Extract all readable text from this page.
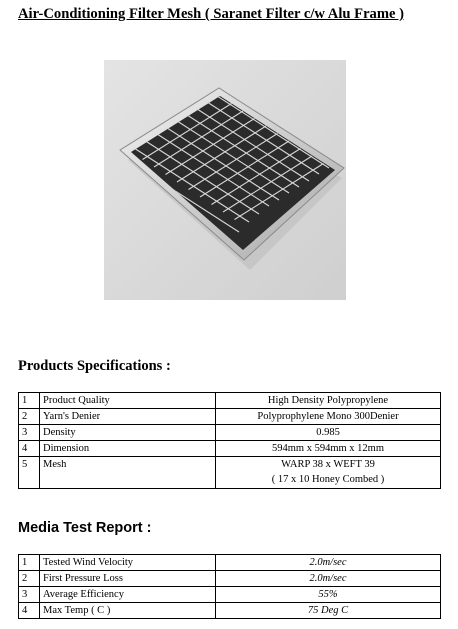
Air-Conditioning Filter Mesh ( Saranet Filter c/w Alu Frame )
Products Specifications :
1	Product Quality	High Density Polypropylene
2	Yarn's Denier	Polyprophylene Mono 300Denier
3	Density	0.985
4	Dimension	594mm x 594mm x 12mm
5	Mesh	WARP 38 x WEFT 39
( 17 x 10 Honey Combed )
Media Test Report :
1	Tested Wind Velocity	2.0m/sec
2	First Pressure Loss	2.0m/sec
3	Average Efficiency	55%
4	Max Temp ( C )	75 Deg C
